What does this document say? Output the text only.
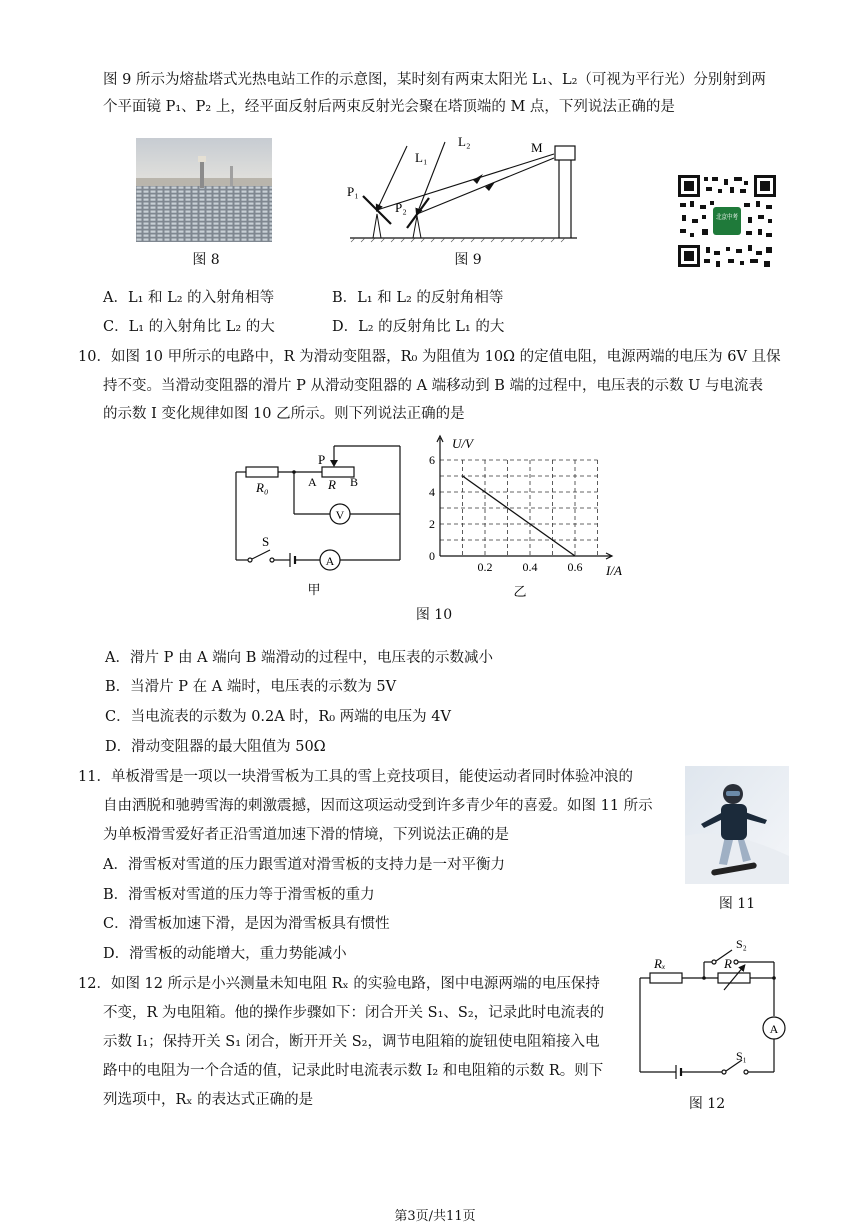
图 9 所示为熔盐塔式光热电站工作的示意图，某时刻有两束太阳光 L₁、L₂（可视为平行光）分别射到两
个平面镜 P₁、P₂ 上，经平面反射后两束反射光会聚在塔顶端的 M 点，下列说法正确的是
图 8
P₁
P₂
L₁
L₂	M
图 9
北京中考
A．L₁ 和 L₂ 的入射角相等	B．L₁ 和 L₂ 的反射角相等
C．L₁ 的入射角比 L₂ 的大	D．L₂ 的反射角比 L₁ 的大
10．如图 10 甲所示的电路中，R 为滑动变阻器，R₀ 为阻值为 10Ω 的定值电阻，电源两端的电压为 6V 且保
持不变。当滑动变阻器的滑片 P 从滑动变阻器的 A 端移动到 B 端的过程中，电压表的示数 U 与电流表
的示数 I 变化规律如图 10 乙所示。则下列说法正确的是
R₀
P
A R B
V
S
A
甲
0
2
4
6
0.2	0.4	0.6
U/V
I/A
乙
图 10
A．滑片 P 由 A 端向 B 端滑动的过程中，电压表的示数减小
B．当滑片 P 在 A 端时，电压表的示数为 5V
C．当电流表的示数为 0.2A 时，R₀ 两端的电压为 4V
D．滑动变阻器的最大阻值为 50Ω
11．单板滑雪是一项以一块滑雪板为工具的雪上竞技项目，能使运动者同时体验冲浪的
自由洒脱和驰骋雪海的刺激震撼，因而这项运动受到许多青少年的喜爱。如图 11 所示
为单板滑雪爱好者正沿雪道加速下滑的情境，下列说法正确的是
A．滑雪板对雪道的压力跟雪道对滑雪板的支持力是一对平衡力
B．滑雪板对雪道的压力等于滑雪板的重力
C．滑雪板加速下滑，是因为滑雪板具有惯性
D．滑雪板的动能增大，重力势能减小
图 11
12．如图 12 所示是小兴测量未知电阻 Rₓ 的实验电路，图中电源两端的电压保持
不变，R 为电阻箱。他的操作步骤如下：闭合开关 S₁、S₂，记录此时电流表的
示数 I₁；保持开关 S₁ 闭合，断开开关 S₂，调节电阻箱的旋钮使电阻箱接入电
路中的电阻为一个合适的值，记录此时电流表示数 I₂ 和电阻箱的示数 R。则下
列选项中，Rₓ 的表达式正确的是
S₂
Rₓ	R
A
S₁
图 12
第3页/共11页
